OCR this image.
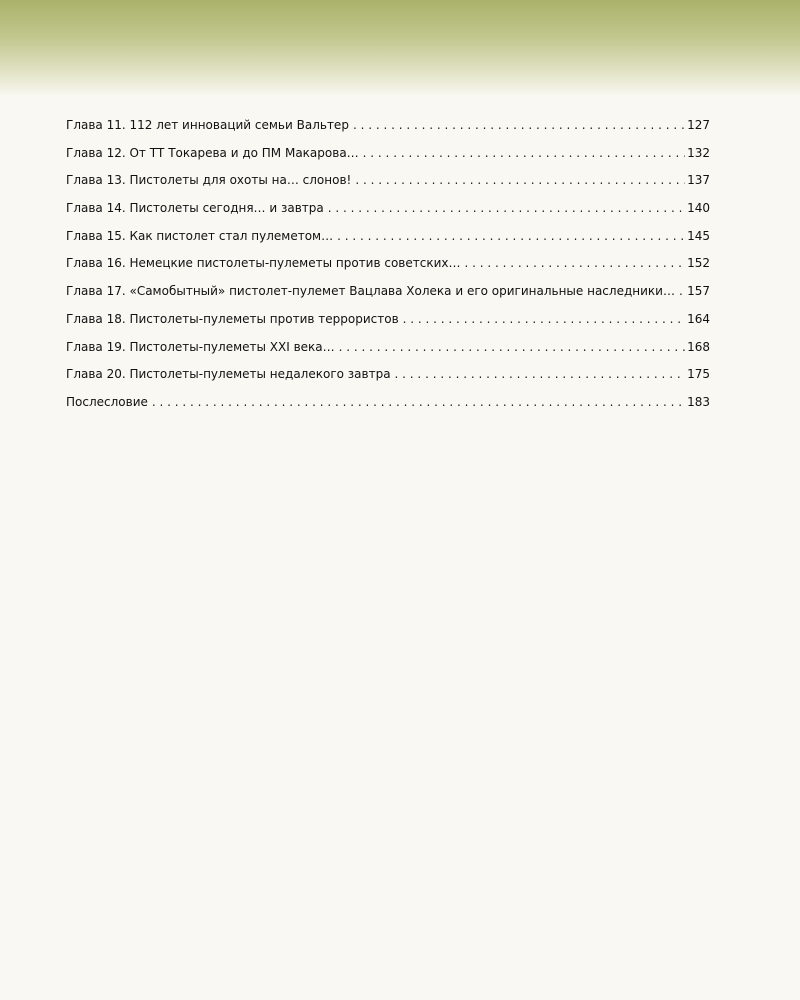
Глава 11. 112 лет инноваций семьи Вальтер . . .	127
Глава 12. От ТТ Токарева и до ПМ Макарова… . . .	132
Глава 13. Пистолеты для охоты на… слонов! . . .	137
Глава 14. Пистолеты сегодня… и завтра . . .	140
Глава 15. Как пистолет стал пулеметом… . . .	145
Глава 16. Немецкие пистолеты-пулеметы против советских… . . .	152
Глава 17. «Самобытный» пистолет-пулемет Вацлава Холека и его оригинальные наследники… . . . 157
Глава 18. Пистолеты-пулеметы против террористов . . .	164
Глава 19. Пистолеты-пулеметы XXI века… . . .	168
Глава 20. Пистолеты-пулеметы недалекого завтра . . .	175
Послесловие . . .	183
